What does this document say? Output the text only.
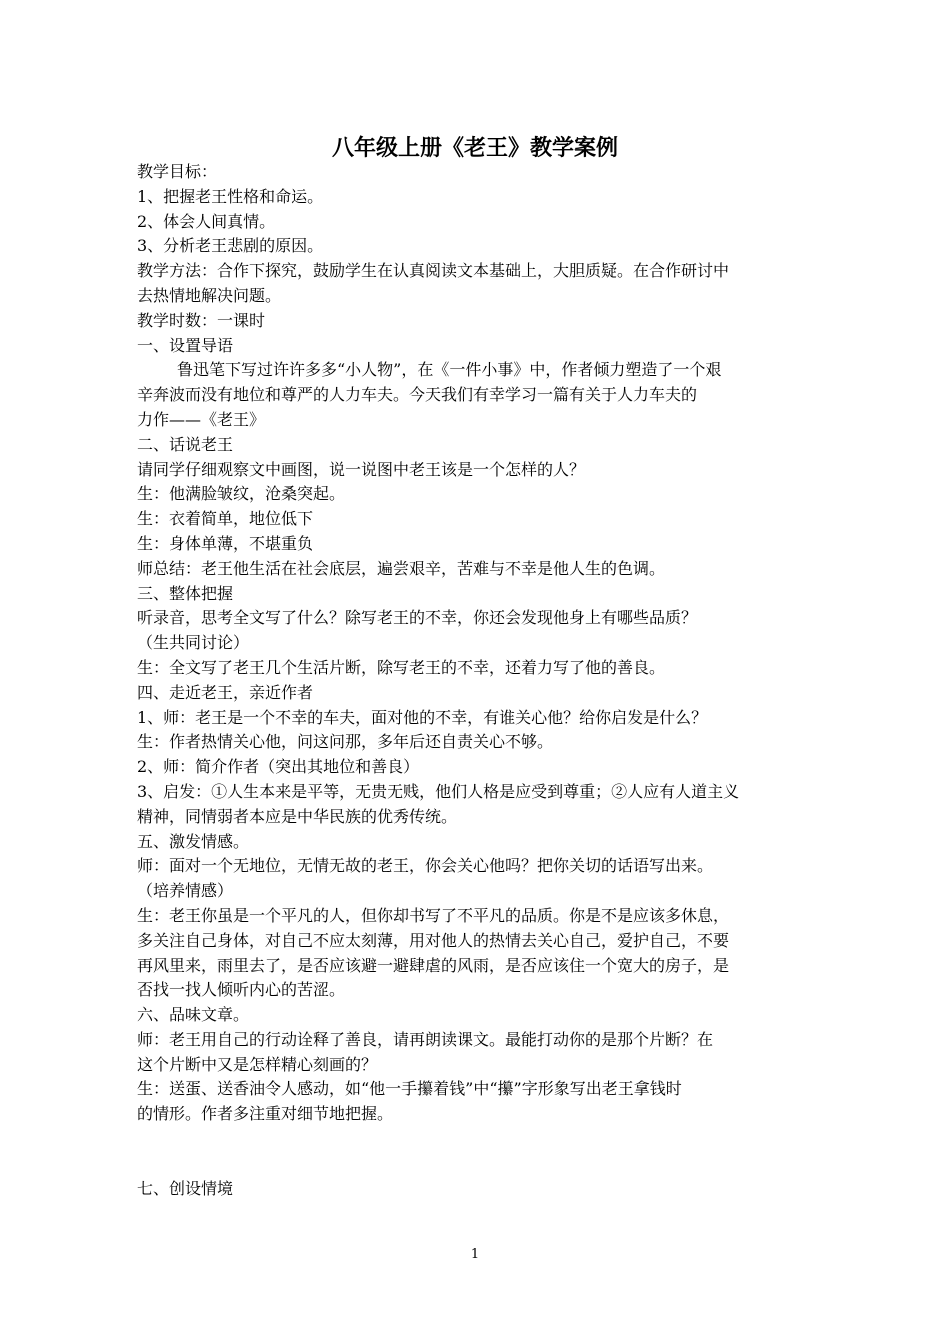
八年级上册《老王》教学案例
教学目标：
1、把握老王性格和命运。
2、体会人间真情。
3、分析老王悲剧的原因。
教学方法：合作下探究，鼓励学生在认真阅读文本基础上，大胆质疑。在合作研讨中
去热情地解决问题。
教学时数：一课时
一、设置导语
鲁迅笔下写过许许多多“小人物”，在《一件小事》中，作者倾力塑造了一个艰
辛奔波而没有地位和尊严的人力车夫。今天我们有幸学习一篇有关于人力车夫的
力作——《老王》
二、话说老王
请同学仔细观察文中画图，说一说图中老王该是一个怎样的人？
生：他满脸皱纹，沧桑突起。
生：衣着简单，地位低下
生：身体单薄，不堪重负
师总结：老王他生活在社会底层，遍尝艰辛，苦难与不幸是他人生的色调。
三、整体把握
听录音，思考全文写了什么？除写老王的不幸，你还会发现他身上有哪些品质？
（生共同讨论）
生：全文写了老王几个生活片断，除写老王的不幸，还着力写了他的善良。
四、走近老王，亲近作者
1、师：老王是一个不幸的车夫，面对他的不幸，有谁关心他？给你启发是什么？
生：作者热情关心他，问这问那，多年后还自责关心不够。
2、师：简介作者（突出其地位和善良）
3、启发：①人生本来是平等，无贵无贱，他们人格是应受到尊重；②人应有人道主义
精神，同情弱者本应是中华民族的优秀传统。
五、激发情感。
师：面对一个无地位，无情无故的老王，你会关心他吗？把你关切的话语写出来。
（培养情感）
生：老王你虽是一个平凡的人，但你却书写了不平凡的品质。你是不是应该多休息，
多关注自己身体，对自己不应太刻薄，用对他人的热情去关心自己，爱护自己，不要
再风里来，雨里去了，是否应该避一避肆虐的风雨，是否应该住一个宽大的房子，是
否找一找人倾听内心的苦涩。
六、品味文章。
师：老王用自己的行动诠释了善良，请再朗读课文。最能打动你的是那个片断？在
这个片断中又是怎样精心刻画的？
生：送蛋、送香油令人感动，如“他一手攥着钱”中“攥”字形象写出老王拿钱时
的情形。作者多注重对细节地把握。
七、创设情境
1
